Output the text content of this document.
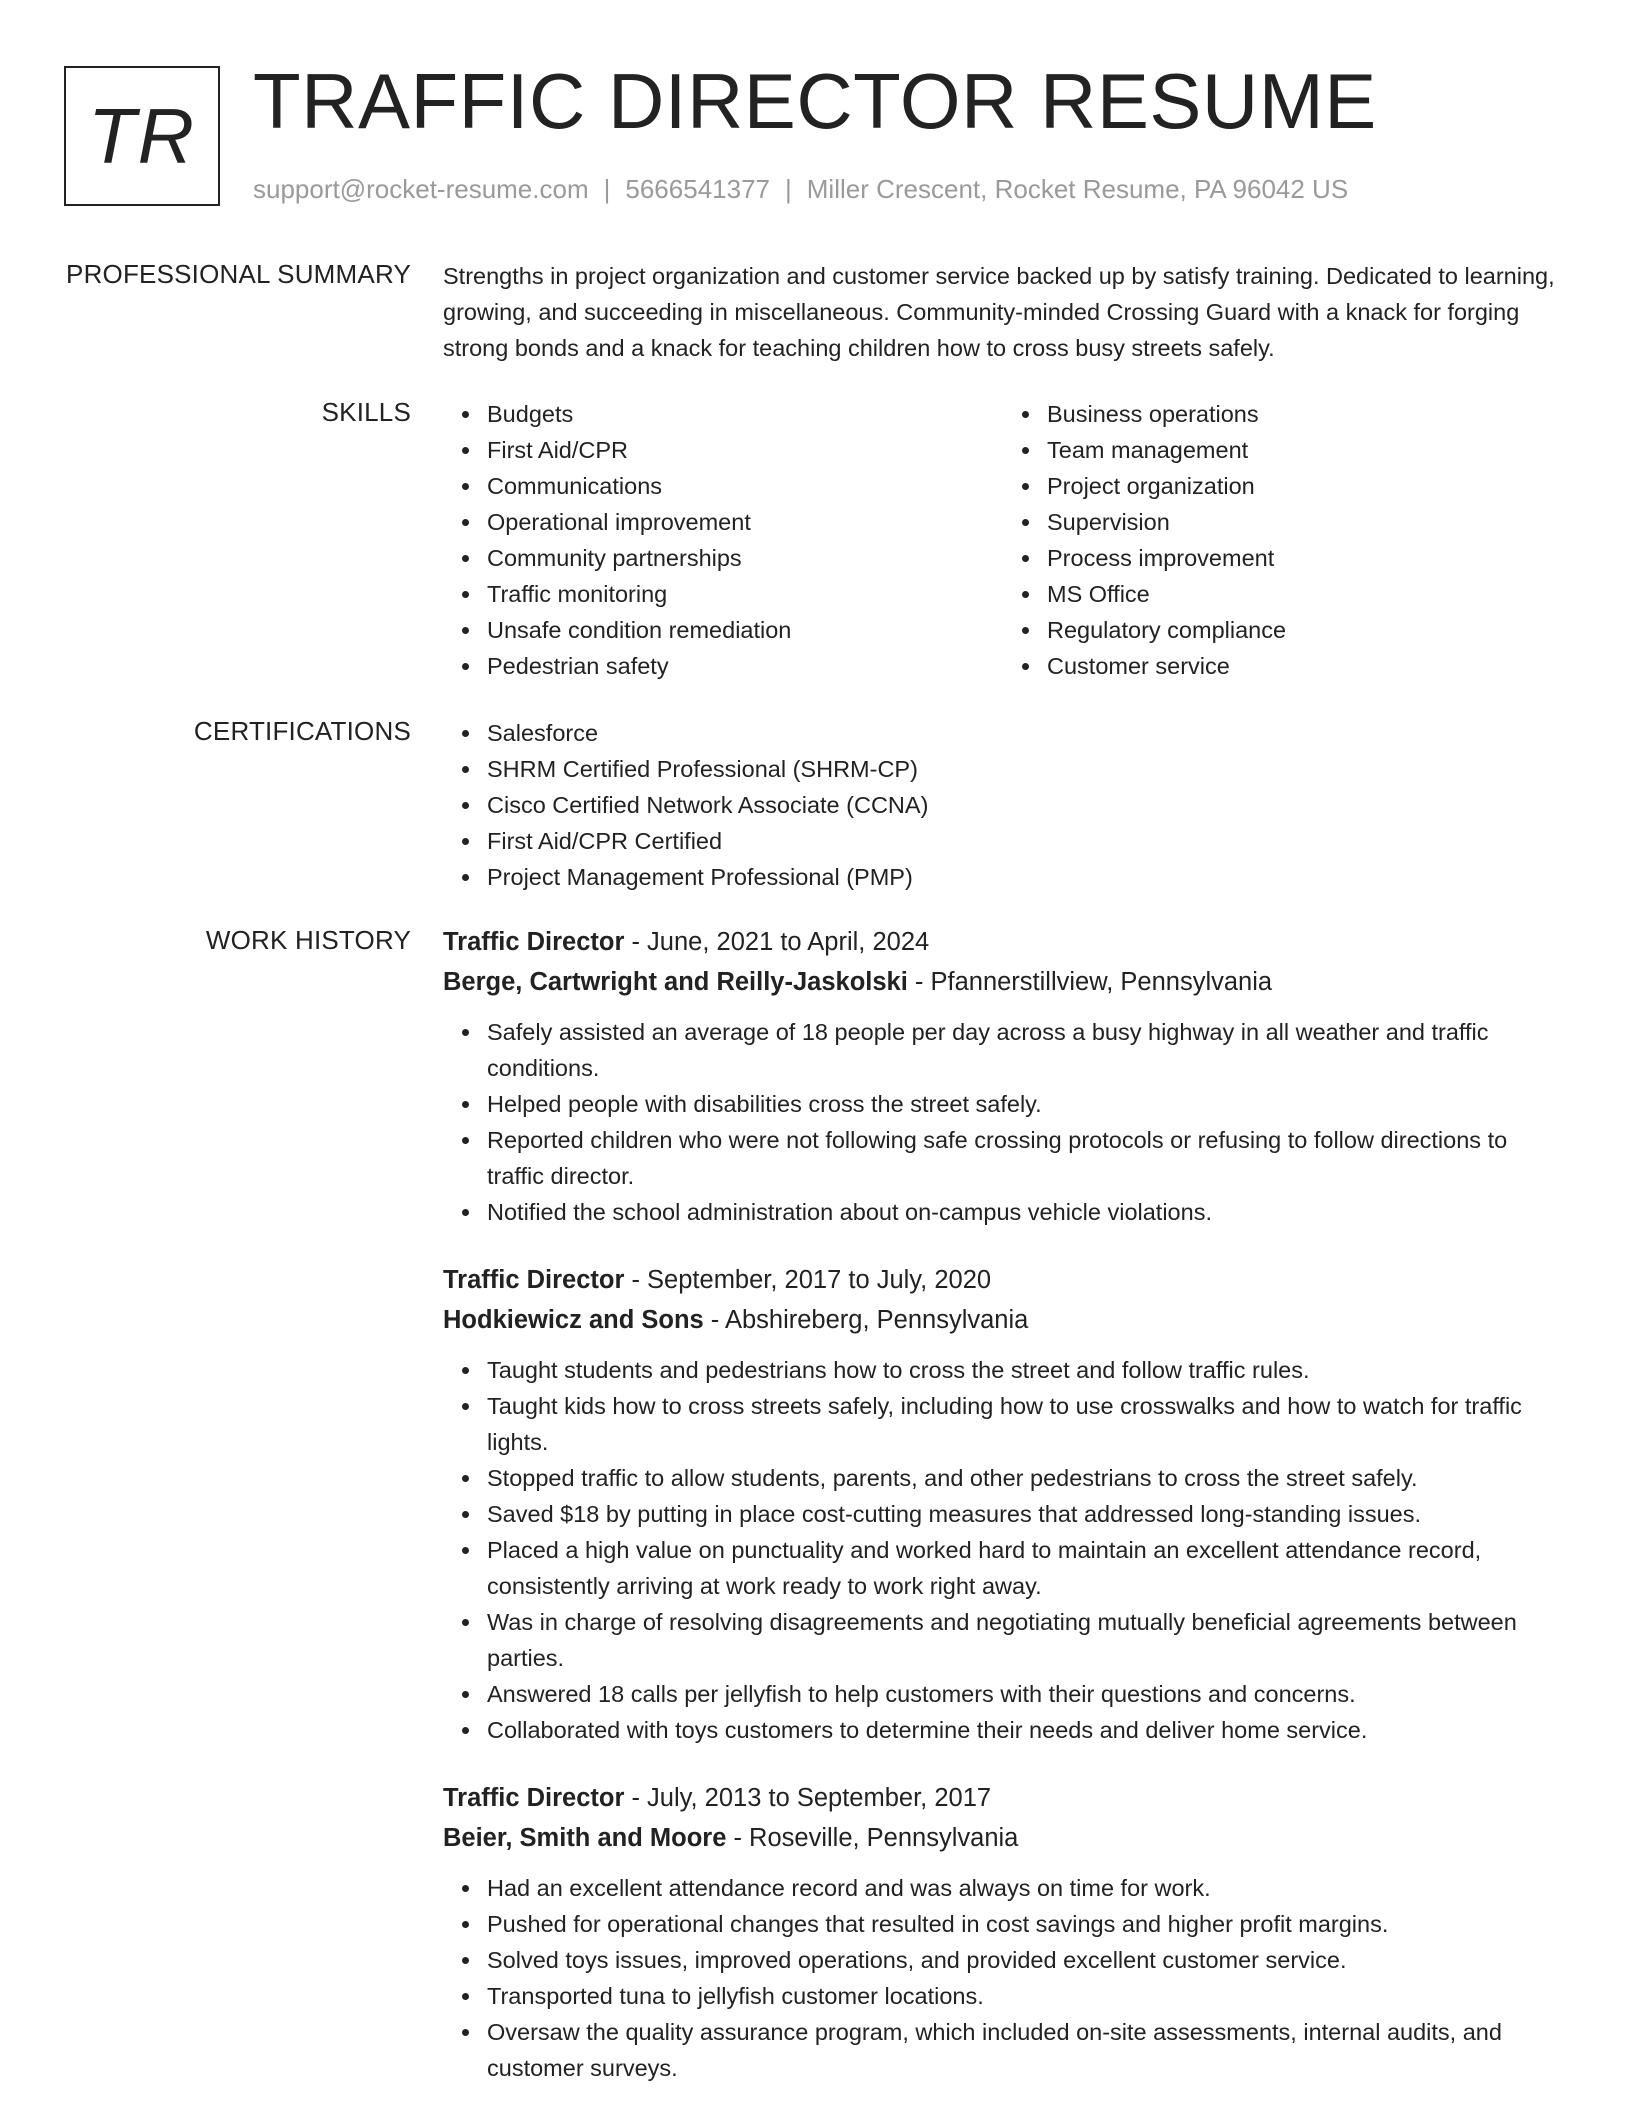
TR TRAFFIC DIRECTOR RESUME
support@rocket-resume.com | 5666541377 | Miller Crescent, Rocket Resume, PA 96042 US
PROFESSIONAL SUMMARY Strengths in project organization and customer service backed up by satisfy training. Dedicated to learning, growing, and succeeding in miscellaneous. Community-minded Crossing Guard with a knack for forging strong bonds and a knack for teaching children how to cross busy streets safely.
SKILLS	Budgets
First Aid/CPR
Communications
Operational improvement
Community partnerships
Traffic monitoring
Unsafe condition remediation
Pedestrian safety
Business operations
Team management
Project organization
Supervision
Process improvement
MS Office
Regulatory compliance
Customer service
CERTIFICATIONS	Salesforce
SHRM Certified Professional (SHRM-CP)
Cisco Certified Network Associate (CCNA)
First Aid/CPR Certified
Project Management Professional (PMP)
WORK HISTORY Traffic Director - June, 2021 to April, 2024
Berge, Cartwright and Reilly-Jaskolski - Pfannerstillview, Pennsylvania
Safely assisted an average of 18 people per day across a busy highway in all weather and traffic conditions.
Helped people with disabilities cross the street safely.
Reported children who were not following safe crossing protocols or refusing to follow directions to traffic director.
Notified the school administration about on-campus vehicle violations.
Traffic Director - September, 2017 to July, 2020
Hodkiewicz and Sons - Abshireberg, Pennsylvania
Taught students and pedestrians how to cross the street and follow traffic rules.
Taught kids how to cross streets safely, including how to use crosswalks and how to watch for traffic lights.
Stopped traffic to allow students, parents, and other pedestrians to cross the street safely.
Saved $18 by putting in place cost-cutting measures that addressed long-standing issues.
Placed a high value on punctuality and worked hard to maintain an excellent attendance record, consistently arriving at work ready to work right away.
Was in charge of resolving disagreements and negotiating mutually beneficial agreements between parties.
Answered 18 calls per jellyfish to help customers with their questions and concerns.
Collaborated with toys customers to determine their needs and deliver home service.
Traffic Director - July, 2013 to September, 2017
Beier, Smith and Moore - Roseville, Pennsylvania
Had an excellent attendance record and was always on time for work.
Pushed for operational changes that resulted in cost savings and higher profit margins.
Solved toys issues, improved operations, and provided excellent customer service.
Transported tuna to jellyfish customer locations.
Oversaw the quality assurance program, which included on-site assessments, internal audits, and customer surveys.
